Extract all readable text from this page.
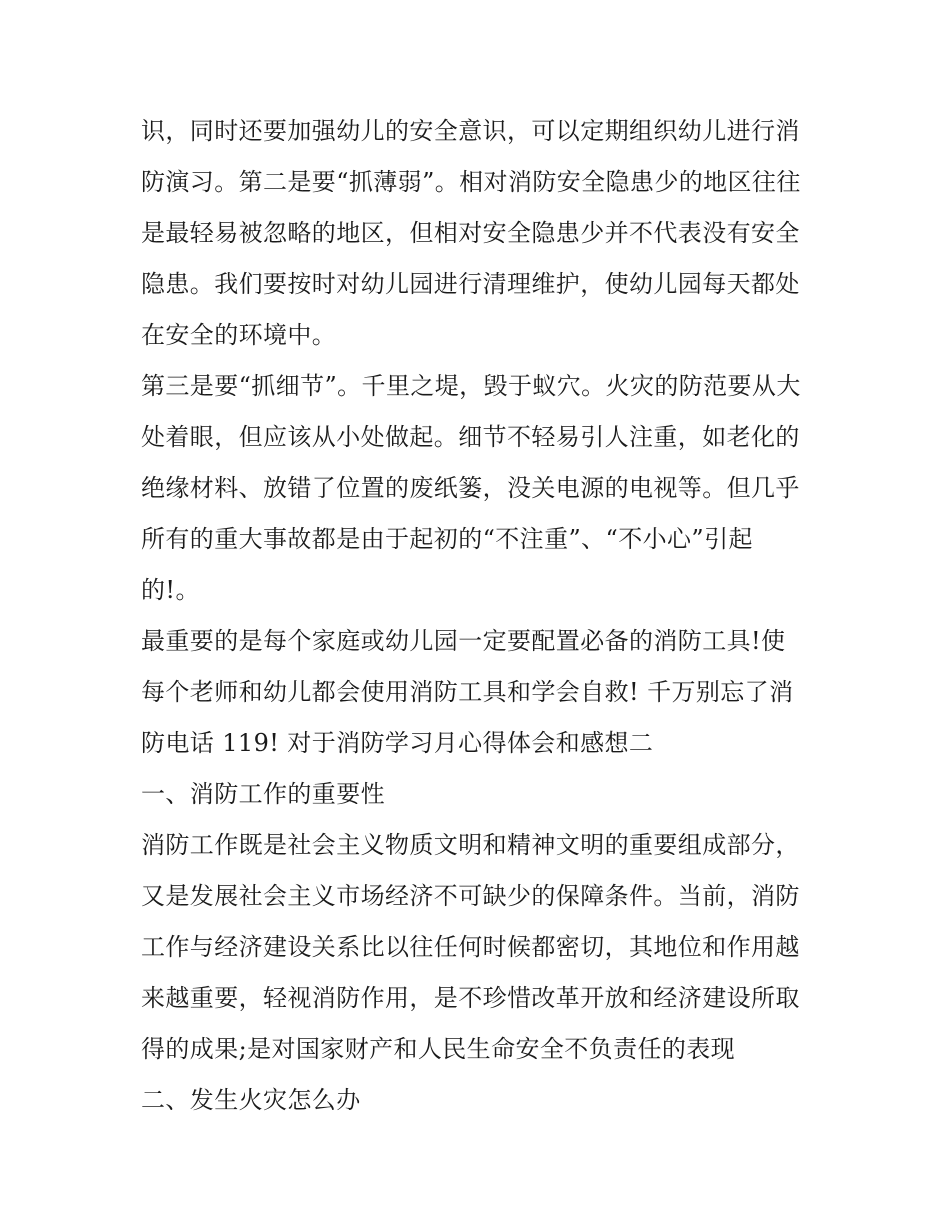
识，同时还要加强幼儿的安全意识，可以定期组织幼儿进行消
防演习。第二是要“抓薄弱”。相对消防安全隐患少的地区往往
是最轻易被忽略的地区，但相对安全隐患少并不代表没有安全
隐患。我们要按时对幼儿园进行清理维护，使幼儿园每天都处
在安全的环境中。
第三是要“抓细节”。千里之堤，毁于蚁穴。火灾的防范要从大
处着眼，但应该从小处做起。细节不轻易引人注重，如老化的
绝缘材料、放错了位置的废纸篓，没关电源的电视等。但几乎
所有的重大事故都是由于起初的“不注重”、“不小心”引起
的!。
最重要的是每个家庭或幼儿园一定要配置必备的消防工具!使
每个老师和幼儿都会使用消防工具和学会自救! 千万别忘了消
防电话 119! 对于消防学习月心得体会和感想二
一、消防工作的重要性
消防工作既是社会主义物质文明和精神文明的重要组成部分，
又是发展社会主义市场经济不可缺少的保障条件。当前，消防
工作与经济建设关系比以往任何时候都密切，其地位和作用越
来越重要，轻视消防作用，是不珍惜改革开放和经济建设所取
得的成果;是对国家财产和人民生命安全不负责任的表现
二、发生火灾怎么办
